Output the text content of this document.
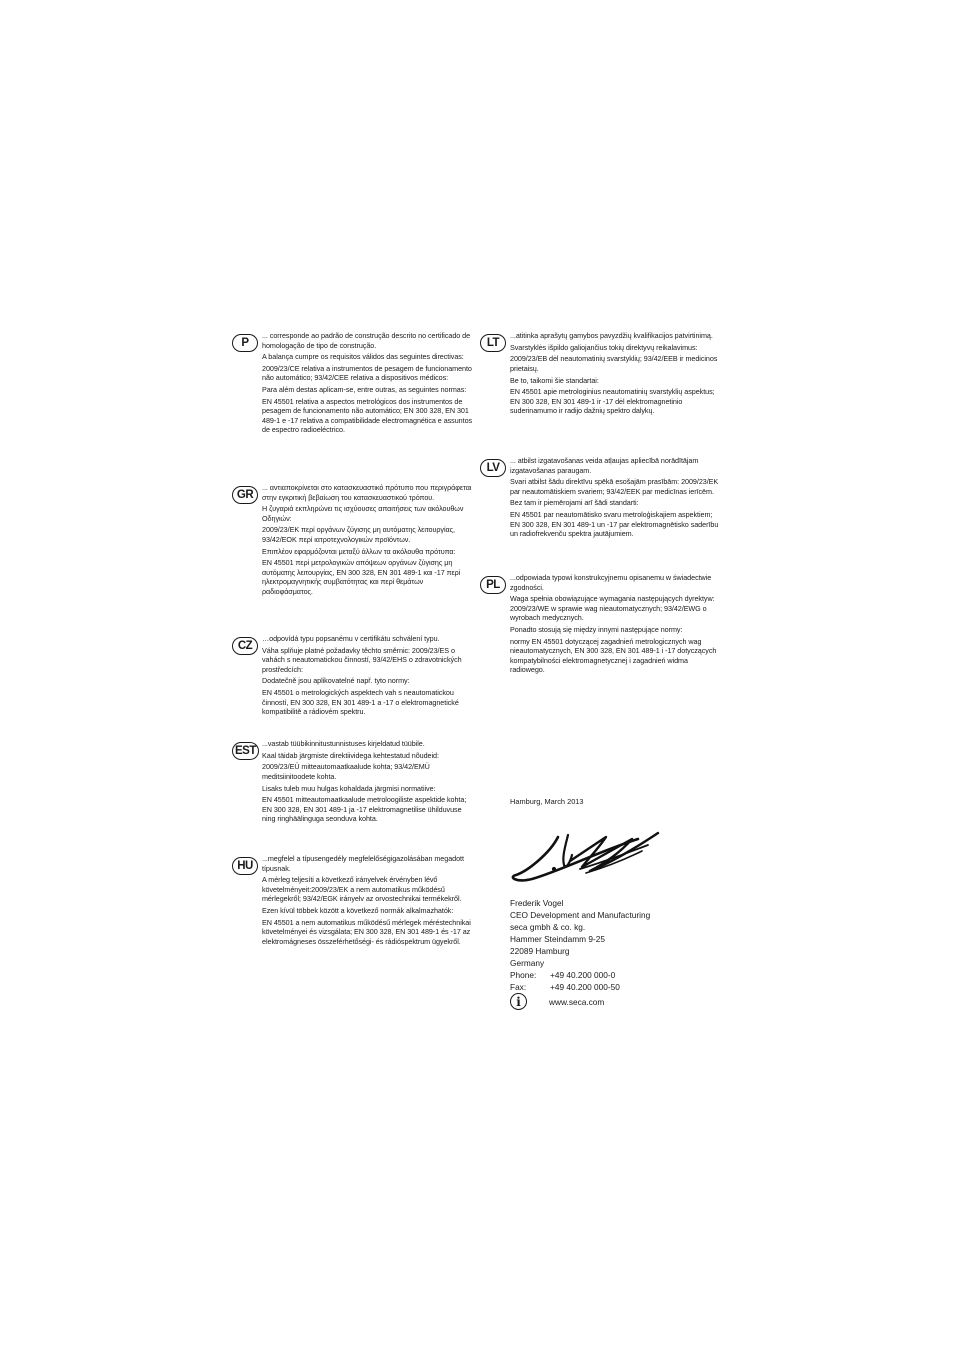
P

... corresponde ao padrão de construção descrito no certificado de homologação de tipo de construção.

A balança cumpre os requisitos válidos das seguintes directivas:

2009/23/CE relativa a instrumentos de pesagem de funcionamento não automático; 93/42/CEE relativa a dispositivos médicos:

Para além destas aplicam-se, entre outras, as seguintes normas:

EN 45501 relativa a aspectos metrológicos dos instrumentos de pesagem de funcionamento não automático; EN 300 328, EN 301 489-1 e -17 relativa a compatibilidade electromagnética e assuntos de espectro radioeléctrico.

GR

... αντιαποκρίνεται στο κατασκευαστικό πρότυπο που περιγράφεται στην εγκριτική βεβαίωση του κατασκευαστικού τρόπου.

Η ζυγαριά εκπληρώνει τις ισχύουσες απαιτήσεις των ακόλουθων Οδηγιών:

2009/23/ΕΚ περί οργάνων ζύγισης μη αυτόματης λειτουργίας, 93/42/ΕΟΚ περί ιατροτεχνολογικών προϊόντων.

Επιπλέον εφαρμόζονται μεταξύ άλλων τα ακόλουθα πρότυπα:

EN 45501 περί μετρολογικών απόψεων οργάνων ζύγισης μη αυτόματης λειτουργίας, EN 300 328, EN 301 489-1 και -17 περί ηλεκτρομαγνητικής συμβατότητας και περί θεμάτων ραδιοφάσματος.

CZ

…odpovídá typu popsanému v certifikátu schválení typu.

Váha splňuje platné požadavky těchto směrnic: 2009/23/ES o vahách s neautomatickou činností, 93/42/EHS o zdravotnických prostředcích:

Dodatečně jsou aplikovatelné např. tyto normy:

EN 45501 o metrologických aspektech vah s neautomatickou činností, EN 300 328, EN 301 489-1 a -17 o elektromagnetické kompatibilitě a rádiovém spektru.

EST

...vastab tüübikinnitustunnistuses kirjeldatud tüübile.

Kaal täidab järgmiste direktiividega kehtestatud nõudeid:

2009/23/EÜ mitteautomaatkaalude kohta; 93/42/EMÜ meditsiinitoodete kohta.

Lisaks tuleb muu hulgas kohaldada järgmisi normatiive:

EN 45501 mitteautomaatkaalude metroloogiliste aspektide kohta; EN 300 328, EN 301 489-1 ja -17 elektromagnetilise ühilduvuse ning ringhäälinguga seonduva kohta.

HU

...megfelel a típusengedély megfelelőségigazolásában megadott típusnak.

A mérleg teljesíti a következő irányelvek érvényben lévő követelményeit:2009/23/EK a nem automatikus működésű mérlegekről; 93/42/EGK irányelv az orvostechnikai termékekről.

Ezen kívül többek között a következő normák alkalmazhatók:

EN 45501 a nem automatikus működésű mérlegek méréstechnikai követelményei és vizsgálata; EN 300 328, EN 301 489-1 és -17 az elektromágneses összeférhetőségi- és rádióspektrum ügyekről.

LT

...atitinka aprašytų gamybos pavyzdžių kvalifikacijos patvirtinimą.

Svarstyklės išpildo galiojančius tokių direktyvų reikalavimus:

2009/23/EB dėl neautomatinių svarstyklių; 93/42/EEB ir medicinos prietaisų.

Be to, taikomi šie standartai:

EN 45501 apie metrologinius neautomatinių svarstyklių aspektus; EN 300 328, EN 301 489-1 ir -17 dėl elektromagnetinio suderinamumo ir radijo dažnių spektro dalykų.

LV

... atbilst izgatavošanas veida atļaujas apliecībā norādītājam izgatavošanas paraugam.

Svari atbilst šādu direktīvu spēkā esošajām prasībām: 2009/23/EK par neautomātiskiem svariem; 93/42/EEK par medicīnas ierīcēm.

Bez tam ir piemērojami arī šādi standarti:

EN 45501 par neautomātisko svaru metroloģiskajiem aspektiem; EN 300 328, EN 301 489-1 un -17 par elektromagnētisko saderību un radiofrekvenču spektra jautājumiem.

PL

...odpowiada typowi konstrukcyjnemu opisanemu w świadectwie zgodności.

Waga spełnia obowiązujące wymagania następujących dyrektyw: 2009/23/WE w sprawie wag nieautomatycznych; 93/42/EWG o wyrobach medycznych.

Ponadto stosują się między innymi następujące normy:

normy EN 45501 dotyczącej zagadnień metrologicznych wag nieautomatycznych, EN 300 328, EN 301 489-1 i -17 dotyczących kompatybilności elektromagnetycznej i zagadnień widma radiowego.

Hamburg, March 2013
Frederik Vogel
CEO Development and Manufacturing
seca gmbh & co. kg.
Hammer Steindamm 9-25
22089 Hamburg
Germany
Phone:	+49 40.200 000-0
Fax:	+49 40.200 000-50
i	www.seca.com
